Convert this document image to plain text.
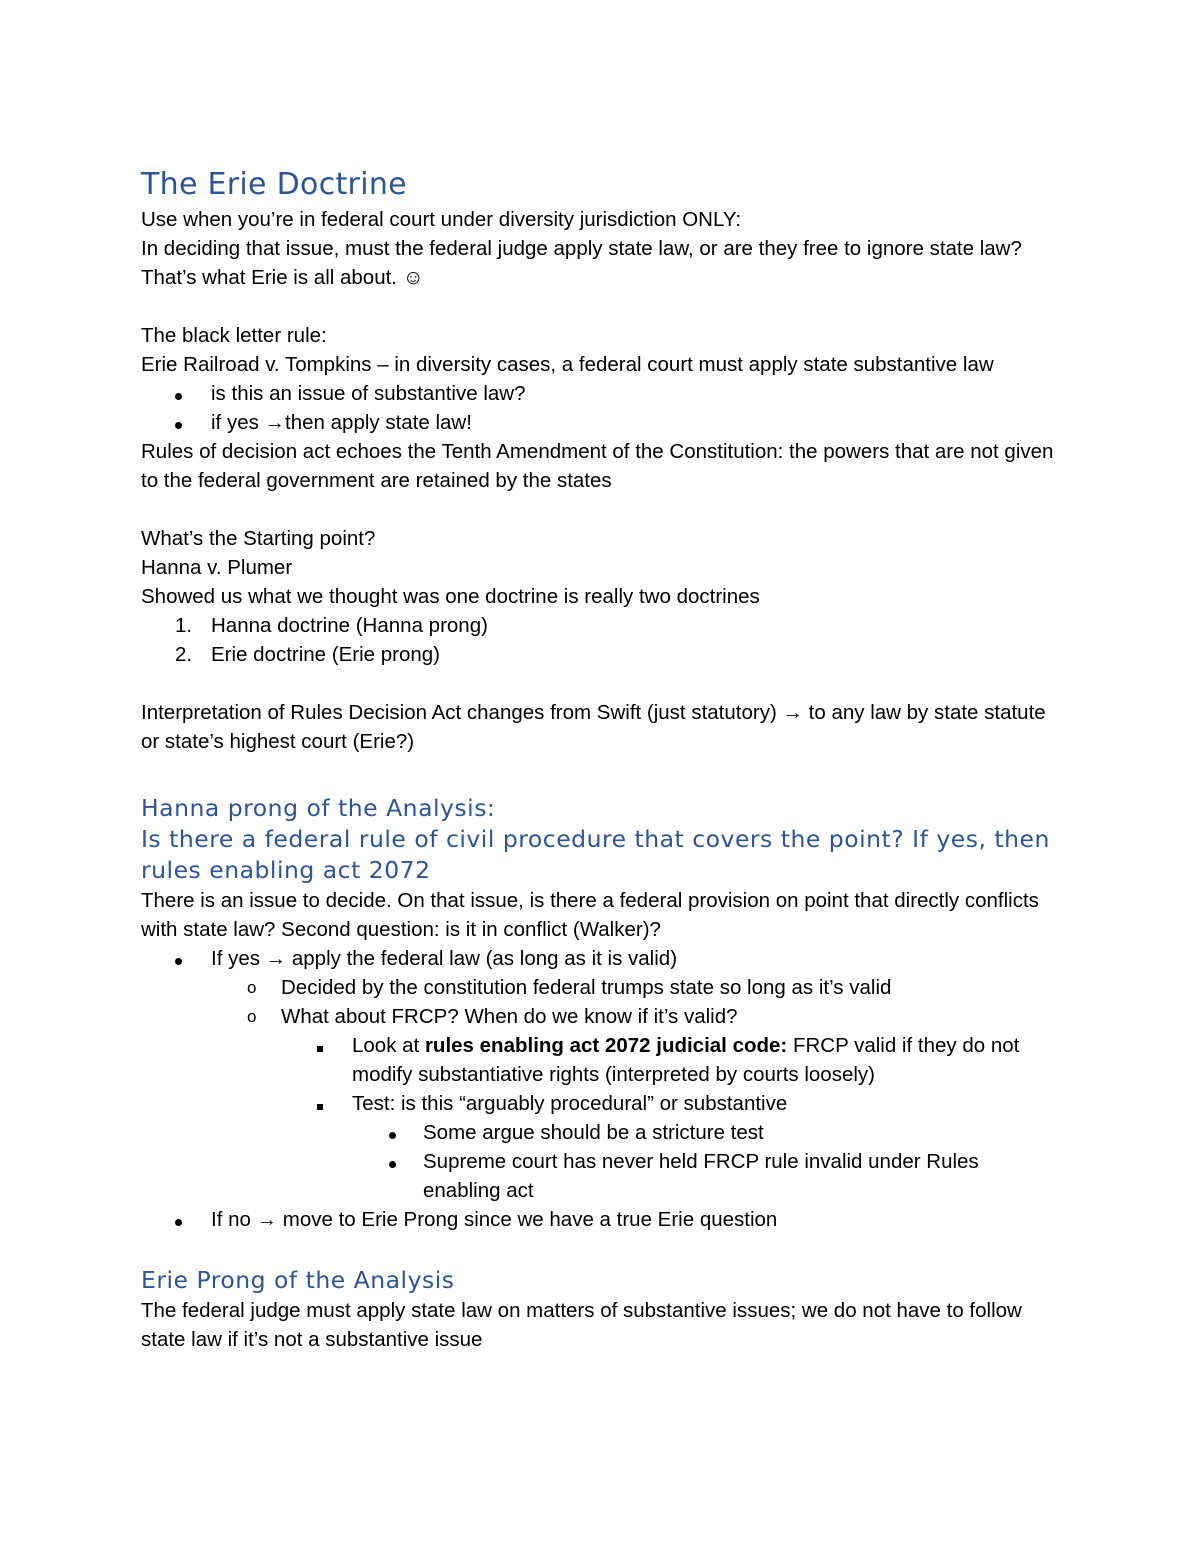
The Erie Doctrine

Use when you’re in federal court under diversity jurisdiction ONLY:

In deciding that issue, must the federal judge apply state law, or are they free to ignore state law? That’s what Erie is all about. ☺

The black letter rule:

Erie Railroad v. Tompkins – in diversity cases, a federal court must apply state substantive law

is this an issue of substantive law?
if yes →then apply state law!

Rules of decision act echoes the Tenth Amendment of the Constitution: the powers that are not given to the federal government are retained by the states

What’s the Starting point?

Hanna v. Plumer

Showed us what we thought was one doctrine is really two doctrines

1. Hanna doctrine (Hanna prong)
2. Erie doctrine (Erie prong)

Interpretation of Rules Decision Act changes from Swift (just statutory) → to any law by state statute or state’s highest court (Erie?)

Hanna prong of the Analysis:
Is there a federal rule of civil procedure that covers the point? If yes, then rules enabling act 2072

There is an issue to decide. On that issue, is there a federal provision on point that directly conflicts with state law? Second question: is it in conflict (Walker)?

If yes → apply the federal law (as long as it is valid)
o Decided by the constitution federal trumps state so long as it’s valid
o What about FRCP? When do we know if it’s valid?
Look at rules enabling act 2072 judicial code: FRCP valid if they do not modify substantiative rights (interpreted by courts loosely)
Test: is this “arguably procedural” or substantive
Some argue should be a stricture test
Supreme court has never held FRCP rule invalid under Rules enabling act
If no → move to Erie Prong since we have a true Erie question
Erie Prong of the Analysis

The federal judge must apply state law on matters of substantive issues; we do not have to follow state law if it’s not a substantive issue
